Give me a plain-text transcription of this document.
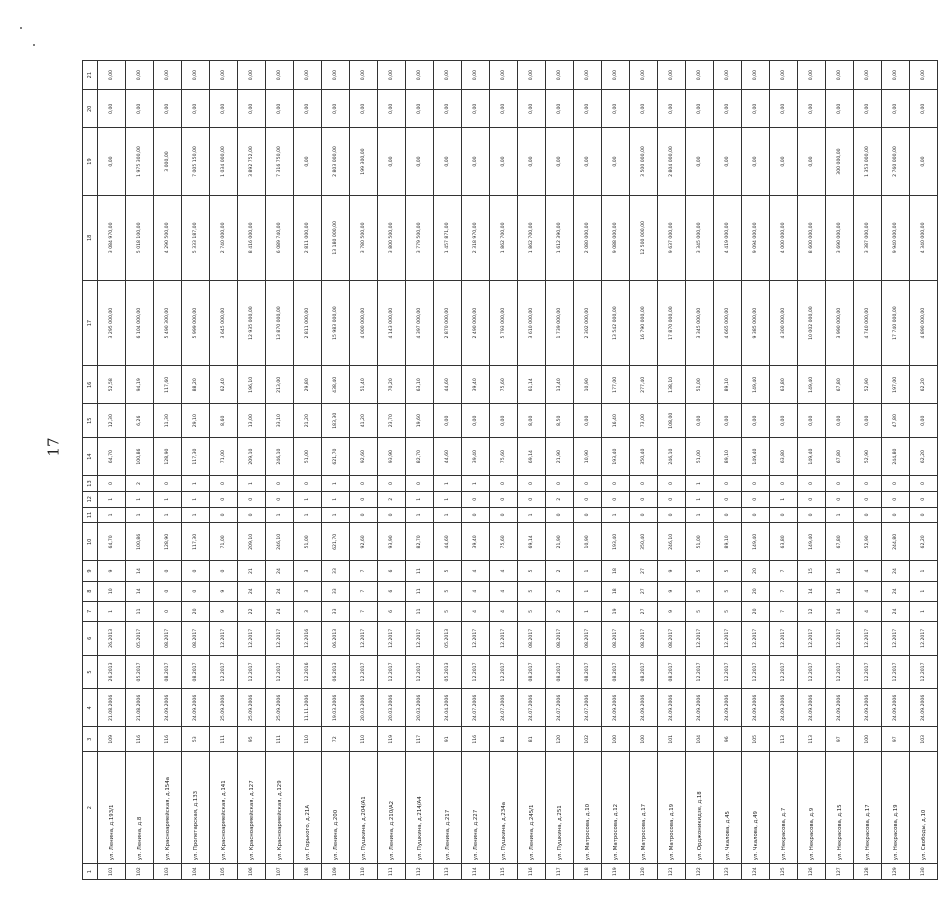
17
1	2	3	4	5	6	7	8	9	10	11	12	13	14	15	16	17	18	19	20	21
101	ул. Ленина, д.193/1	109	21.08.2006	26.2013	26.2013	1	10	9	64,70	1	1	0	64,70	12,30	52,58	3 295 000,00	3 084 970,00	0,00	0,00	0,00
102	ул. Ленина, д.8	116	21.08.2006	05.2017	05.2017	11	14	14	100,86	1	1	2	100,86	6,26	94,19	6 104 000,00	5 018 100,00	1 975 300,00	0,00	0,00
103	ул. Красноармейская, д.154а	116	24.09.2006	08.2017	08.2017	0	0	0	128,90	1	1	0	128,90	11,30	117,60	5 490 300,00	4 290 500,00	3 000,00	0,00	0,00
104	ул. Пролетарская, д.133	53	24.09.2006	08.2017	08.2017	20	0	0	117,30	1	1	1	117,30	29,10	88,20	5 999 000,00	5 333 187,00	7 005 150,00	0,00	0,00
105	ул. Красноармейская, д.141	111	25.09.2006	12.2017	12.2017	9	9	0	71,00	0	0	0	71,00	8,60	62,40	3 645 000,00	2 740 000,00	1 034 000,00	0,00	0,00
106	ул. Красноармейская, д.127	95	25.09.2006	12.2017	12.2017	22	24	21	209,10	0	0	1	209,10	13,00	196,10	12 935 000,00	8 416 000,00	3 892 752,00	0,00	0,00
107	ул. Красноармейская, д.129	111	25.09.2006	12.2017	12.2017	24	24	24	246,10	1	0	0	246,10	33,10	213,00	13 870 000,00	6 089 740,00	7 316 750,00	0,00	0,00
108	ул. Горького, д.21А	110	11.11.2006	12.2016	12.2016	3	3	3	51,00	1	1	0	51,00	21,20	29,80	2 811 000,00	2 811 000,00	0,00	0,00	0,00
109	ул. Ленина, д.200	72	19.03.2006	06.2013	06.2013	33	33	33	621,70	1	1	1	621,70	183,30	438,40	15 983 000,00	13 180 000,00	2 803 000,00	0,00	0,00
110	ул. Пушкина, д.204/А1	110	20.03.2006	12.2017	12.2017	7	7	7	92,60	0	0	0	92,60	41,20	51,40	4 000 000,00	3 780 500,00	199 300,00	0,00	0,00
111	ул. Ленина, д.210/А2	119	20.03.2006	12.2017	12.2017	6	6	6	93,90	0	2	0	93,90	23,70	70,20	4 143 000,00	3 800 500,00	0,00	0,00	0,00
112	ул. Пушкина, д.214/А4	117	20.03.2006	12.2017	12.2017	11	11	11	82,70	1	1	0	82,70	19,60	63,10	4 397 000,00	3 779 500,00	0,00	0,00	0,00
113	ул. Ленина, д.217	91	24.04.2006	05.2013	05.2013	5	5	5	44,60	1	1	1	44,60	0,00	44,60	2 870 000,00	1 457 871,00	0,00	0,00	0,00
114	ул. Ленина, д.227	116	24.07.2006	12.2017	12.2017	4	4	4	39,40	0	0	1	39,40	0,00	39,40	2 490 000,00	2 318 970,00	0,00	0,00	0,00
115	ул. Пушкина, д.234а	81	24.07.2006	12.2017	12.2017	4	4	4	75,60	0	0	0	75,60	0,00	75,60	5 793 000,00	1 862 700,00	0,00	0,00	0,00
116	ул. Ленина, д.245/1	81	24.07.2006	08.2017	08.2017	5	5	5	69,14	1	0	0	69,14	8,00	61,14	3 610 000,00	1 862 700,00	0,00	0,00	0,00
117	ул. Пушкина, д.251	120	24.07.2006	08.2017	08.2017	2	2	2	21,90	0	2	0	21,90	8,50	13,40	1 739 000,00	1 612 390,00	0,00	0,00	0,00
118	ул. Матросова, д.10	102	24.07.2006	08.2017	08.2017	1	1	1	10,90	0	0	0	10,90	0,00	10,90	2 302 000,00	2 080 000,00	0,00	0,00	0,00
119	ул. Матросова, д.12	100	24.09.2006	08.2017	08.2017	19	18	18	193,40	1	0	0	193,40	16,40	177,00	13 542 000,00	9 088 000,00	0,00	0,00	0,00
120	ул. Матросова, д.17	100	24.09.2006	08.2017	08.2017	27	27	27	350,40	0	0	0	350,40	73,00	277,40	16 790 000,00	12 500 000,00	3 500 000,00	0,00	0,00
121	ул. Матросова, д.19	101	24.09.2006	08.2017	08.2017	9	9	9	246,10	0	0	0	246,10	108,00	138,10	17 870 000,00	9 637 000,00	2 804 000,00	0,00	0,00
122	ул. Орджоникидзе, д.18	104	24.09.2006	12.2017	12.2017	5	5	5	51,00	1	1	1	51,00	0,00	51,00	3 345 000,00	3 345 000,00	0,00	0,00	0,00
123	ул. Чкалова, д.45	96	24.09.2006	12.2017	12.2017	5	5	5	89,10	0	0	0	89,10	0,00	89,10	4 665 000,00	4 419 000,00	0,00	0,00	0,00
124	ул. Чкалова, д.49	105	24.09.2006	12.2017	12.2017	20	20	20	149,40	0	0	0	149,40	0,00	149,40	9 385 000,00	9 094 000,00	0,00	0,00	0,00
125	ул. Некрасова, д.7	113	24.09.2006	12.2017	12.2017	7	7	7	63,80	0	1	0	63,80	0,00	63,80	4 300 000,00	4 000 000,00	0,00	0,00	0,00
126	ул. Некрасова, д.9	113	24.09.2006	12.2017	12.2017	12	14	15	149,40	0	0	0	149,40	0,00	149,40	10 002 000,00	8 600 000,00	0,00	0,00	0,00
127	ул. Некрасова, д.15	97	24.09.2006	12.2017	12.2017	14	14	14	67,80	1	0	0	67,80	0,00	67,80	3 990 000,00	3 690 000,00	300 000,00	0,00	0,00
128	ул. Некрасова, д.17	100	24.09.2006	12.2017	12.2017	4	4	4	52,90	0	0	0	52,90	0,00	52,90	4 740 000,00	3 387 000,00	1 353 000,00	0,00	0,00
129	ул. Некрасова, д.19	97	24.09.2006	12.2017	12.2017	24	24	24	244,80	0	0	0	244,80	47,80	197,00	17 740 000,00	9 940 000,00	2 760 000,00	0,00	0,00
130	ул. Свободы, д.10	103	24.09.2006	12.2017	12.2017	1	1	1	62,20	0	0	0	62,20	0,00	62,20	4 890 000,00	4 340 000,00	0,00	0,00	0,00
